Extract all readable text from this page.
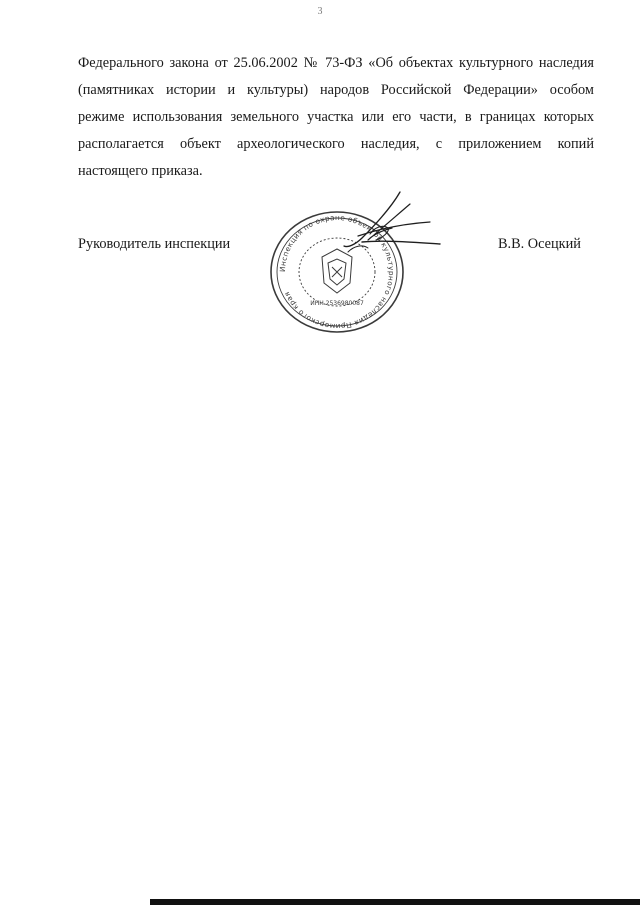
3

Федерального закона от 25.06.2002 № 73-ФЗ «Об объектах культурного наследия
(памятниках истории и культуры) народов Российской Федерации» особом
режиме использования земельного участка или его части, в границах которых
располагается объект археологического наследия, с приложением копий
настоящего приказа.

Руководитель инспекции
Инспекция по охране объектов культурного наследия Приморского края
ИНН 2536980087
В.В. Осецкий
